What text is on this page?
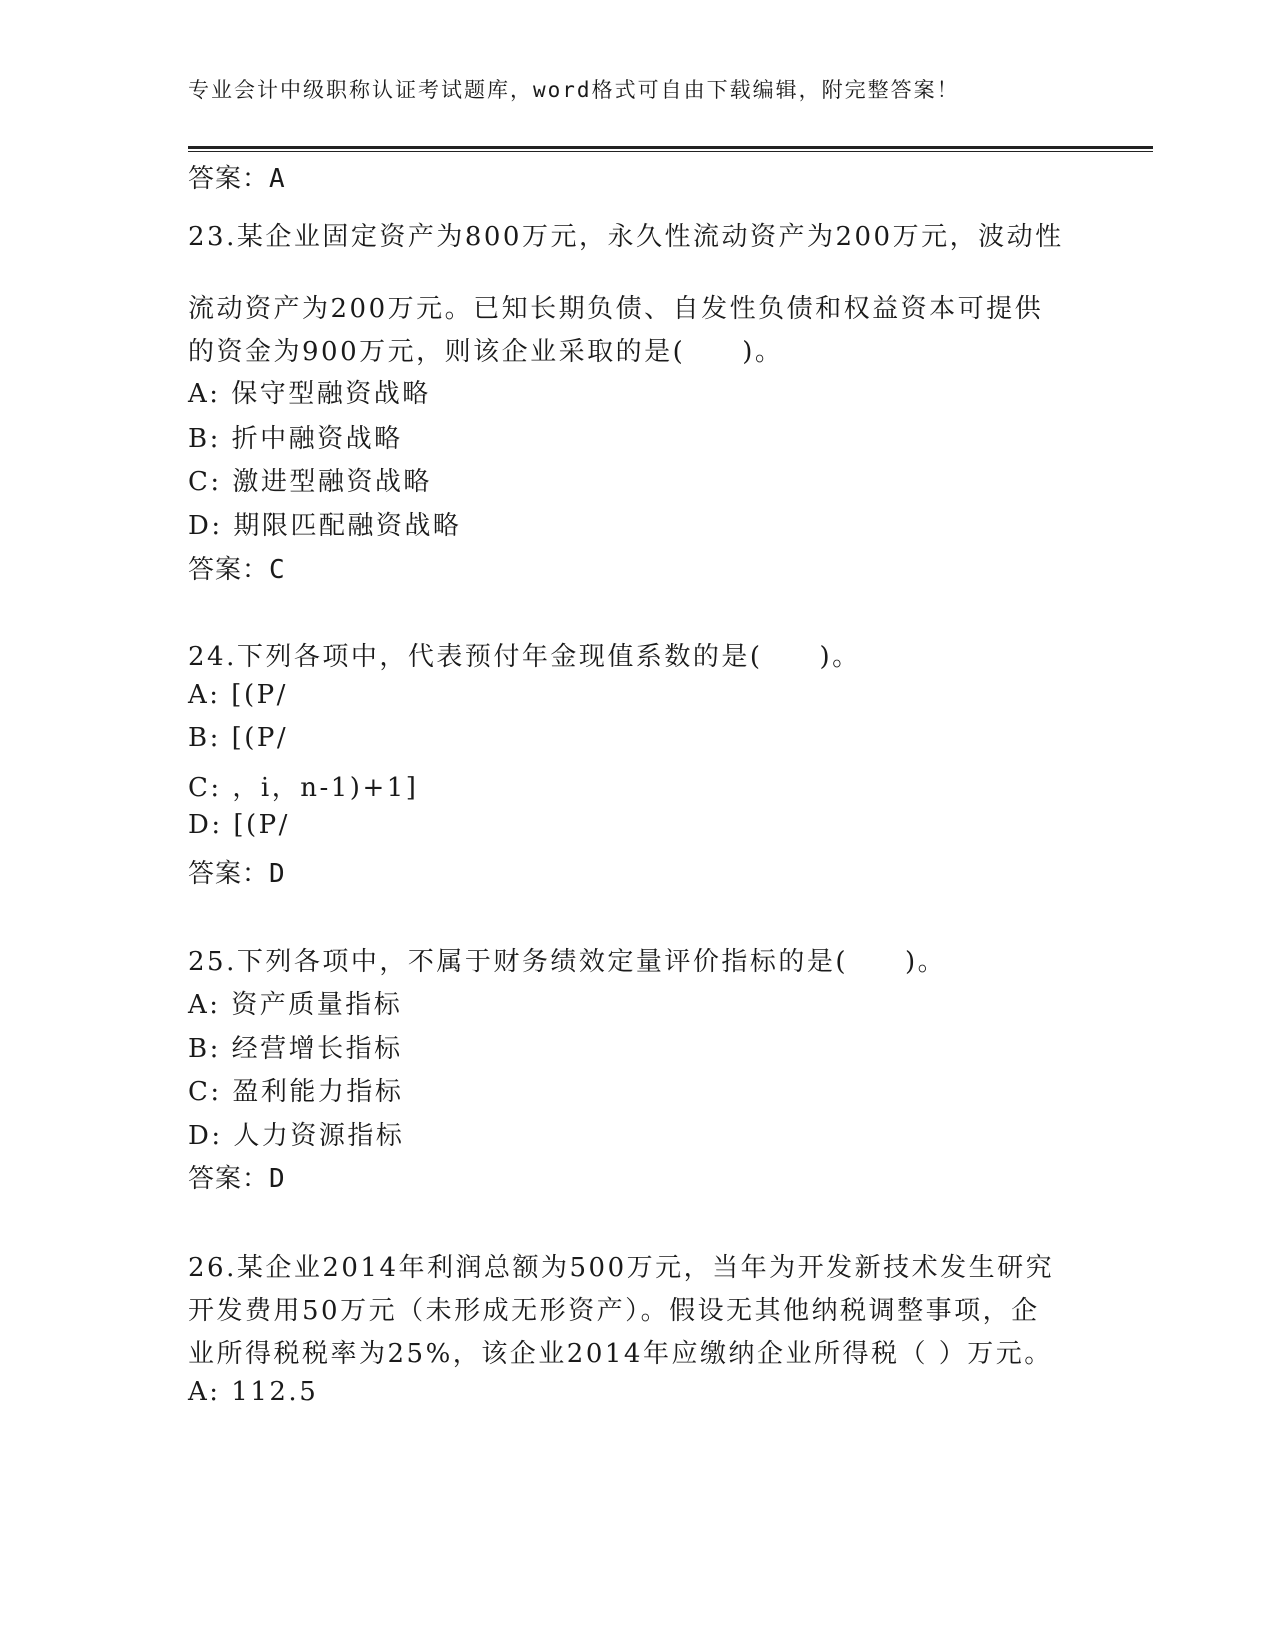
专业会计中级职称认证考试题库，word格式可自由下载编辑，附完整答案！
答案：A
23.某企业固定资产为800万元，永久性流动资产为200万元，波动性
流动资产为200万元。已知长期负债、自发性负债和权益资本可提供
的资金为900万元，则该企业采取的是(　　)。
A: 保守型融资战略
B: 折中融资战略
C: 激进型融资战略
D: 期限匹配融资战略
答案：C
24.下列各项中，代表预付年金现值系数的是(　　)。
A: [(P/
B: [(P/
C: ，i，n-1)+1]
D: [(P/
答案：D
25.下列各项中，不属于财务绩效定量评价指标的是(　　)。
A: 资产质量指标
B: 经营增长指标
C: 盈利能力指标
D: 人力资源指标
答案：D
26.某企业2014年利润总额为500万元，当年为开发新技术发生研究
开发费用50万元（未形成无形资产）。假设无其他纳税调整事项，企
业所得税税率为25%，该企业2014年应缴纳企业所得税（ ）万元。
A: 112.5
